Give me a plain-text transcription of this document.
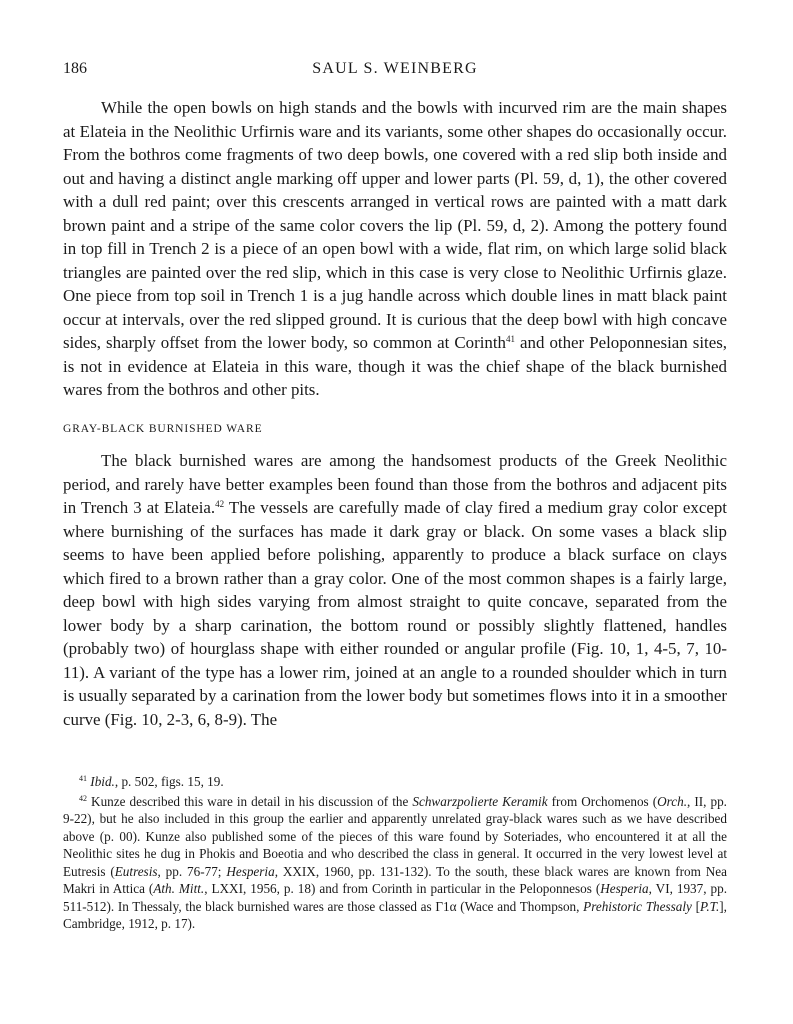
186	SAUL S. WEINBERG

While the open bowls on high stands and the bowls with incurved rim are the main shapes at Elateia in the Neolithic Urfirnis ware and its variants, some other shapes do occasionally occur. From the bothros come fragments of two deep bowls, one covered with a red slip both inside and out and having a distinct angle marking off upper and lower parts (Pl. 59, d, 1), the other covered with a dull red paint; over this crescents arranged in vertical rows are painted with a matt dark brown paint and a stripe of the same color covers the lip (Pl. 59, d, 2). Among the pottery found in top fill in Trench 2 is a piece of an open bowl with a wide, flat rim, on which large solid black triangles are painted over the red slip, which in this case is very close to Neolithic Urfirnis glaze. One piece from top soil in Trench 1 is a jug handle across which double lines in matt black paint occur at intervals, over the red slipped ground. It is curious that the deep bowl with high concave sides, sharply offset from the lower body, so common at Corinth$^{41}$ and other Peloponnesian sites, is not in evidence at Elateia in this ware, though it was the chief shape of the black burnished wares from the bothros and other pits.

GRAY-BLACK BURNISHED WARE

The black burnished wares are among the handsomest products of the Greek Neolithic period, and rarely have better examples been found than those from the bothros and adjacent pits in Trench 3 at Elateia.$^{42}$ The vessels are carefully made of clay fired a medium gray color except where burnishing of the surfaces has made it dark gray or black. On some vases a black slip seems to have been applied before polishing, apparently to produce a black surface on clays which fired to a brown rather than a gray color. One of the most common shapes is a fairly large, deep bowl with high sides varying from almost straight to quite concave, separated from the lower body by a sharp carination, the bottom round or possibly slightly flattened, handles (probably two) of hourglass shape with either rounded or angular profile (Fig. 10, 1, 4-5, 7, 10-11). A variant of the type has a lower rim, joined at an angle to a rounded shoulder which in turn is usually separated by a carination from the lower body but sometimes flows into it in a smoother curve (Fig. 10, 2-3, 6, 8-9). The

$^{41}$ Ibid., p. 502, figs. 15, 19.

$^{42}$ Kunze described this ware in detail in his discussion of the Schwarzpolierte Keramik from Orchomenos (Orch., II, pp. 9-22), but he also included in this group the earlier and apparently unrelated gray-black wares such as we have described above (p. 00). Kunze also published some of the pieces of this ware found by Soteriades, who encountered it at all the Neolithic sites he dug in Phokis and Boeotia and who described the class in general. It occurred in the very lowest level at Eutresis (Eutresis, pp. 76-77; Hesperia, XXIX, 1960, pp. 131-132). To the south, these black wares are known from Nea Makri in Attica (Ath. Mitt., LXXI, 1956, p. 18) and from Corinth in particular in the Peloponnesos (Hesperia, VI, 1937, pp. 511-512). In Thessaly, the black burnished wares are those classed as Γ1α (Wace and Thompson, Prehistoric Thessaly [P.T.], Cambridge, 1912, p. 17).
